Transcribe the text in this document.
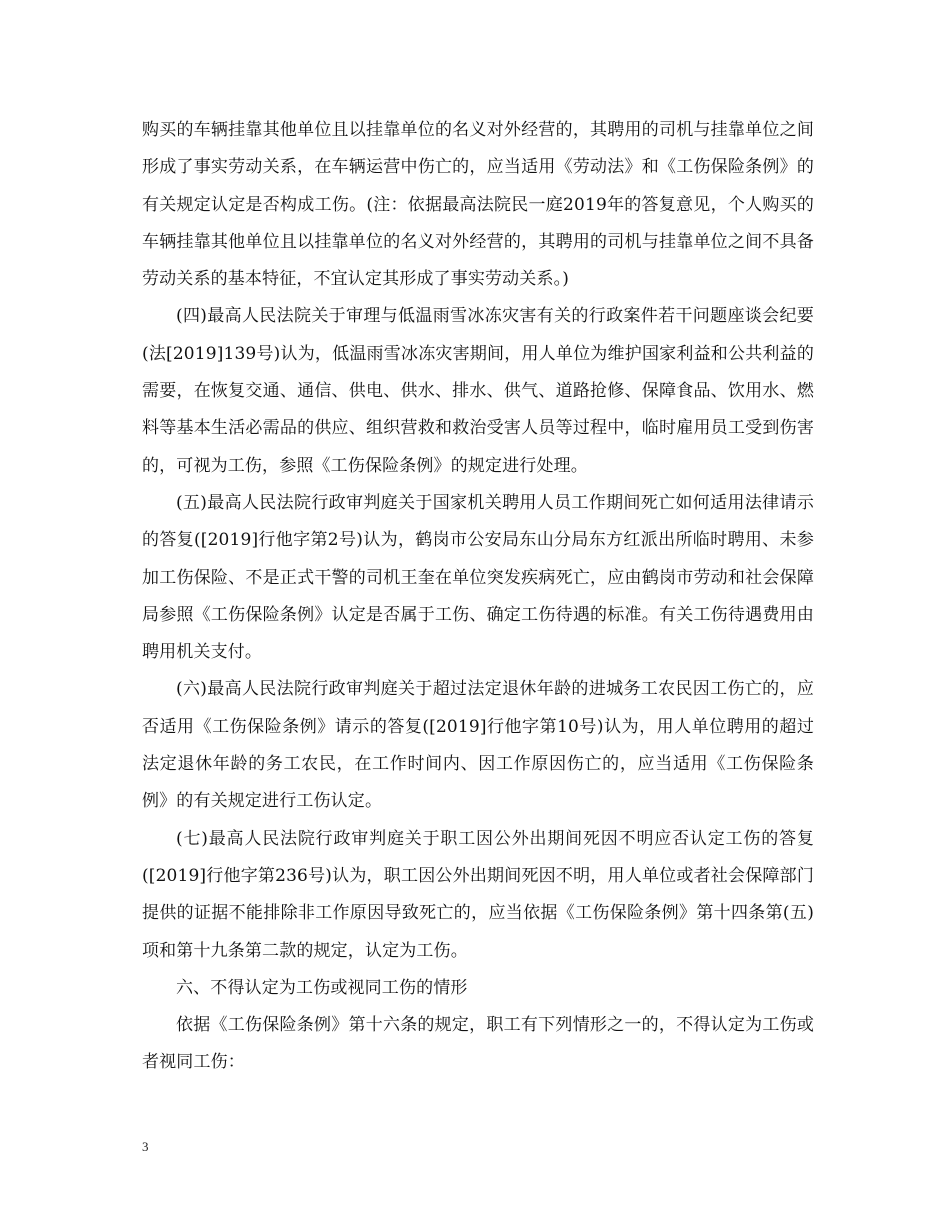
购买的车辆挂靠其他单位且以挂靠单位的名义对外经营的，其聘用的司机与挂靠单位之间形成了事实劳动关系，在车辆运营中伤亡的，应当适用《劳动法》和《工伤保险条例》的有关规定认定是否构成工伤。(注：依据最高法院民一庭2019年的答复意见，个人购买的车辆挂靠其他单位且以挂靠单位的名义对外经营的，其聘用的司机与挂靠单位之间不具备劳动关系的基本特征，不宜认定其形成了事实劳动关系。)

(四)最高人民法院关于审理与低温雨雪冰冻灾害有关的行政案件若干问题座谈会纪要(法[2019]139号)认为，低温雨雪冰冻灾害期间，用人单位为维护国家利益和公共利益的需要，在恢复交通、通信、供电、供水、排水、供气、道路抢修、保障食品、饮用水、燃料等基本生活必需品的供应、组织营救和救治受害人员等过程中，临时雇用员工受到伤害的，可视为工伤，参照《工伤保险条例》的规定进行处理。

(五)最高人民法院行政审判庭关于国家机关聘用人员工作期间死亡如何适用法律请示的答复([2019]行他字第2号)认为，鹤岗市公安局东山分局东方红派出所临时聘用、未参加工伤保险、不是正式干警的司机王奎在单位突发疾病死亡，应由鹤岗市劳动和社会保障局参照《工伤保险条例》认定是否属于工伤、确定工伤待遇的标准。有关工伤待遇费用由聘用机关支付。

(六)最高人民法院行政审判庭关于超过法定退休年龄的进城务工农民因工伤亡的，应否适用《工伤保险条例》请示的答复([2019]行他字第10号)认为，用人单位聘用的超过法定退休年龄的务工农民，在工作时间内、因工作原因伤亡的，应当适用《工伤保险条例》的有关规定进行工伤认定。

(七)最高人民法院行政审判庭关于职工因公外出期间死因不明应否认定工伤的答复([2019]行他字第236号)认为，职工因公外出期间死因不明，用人单位或者社会保障部门提供的证据不能排除非工作原因导致死亡的，应当依据《工伤保险条例》第十四条第(五)项和第十九条第二款的规定，认定为工伤。

六、不得认定为工伤或视同工伤的情形

依据《工伤保险条例》第十六条的规定，职工有下列情形之一的，不得认定为工伤或者视同工伤：

3
